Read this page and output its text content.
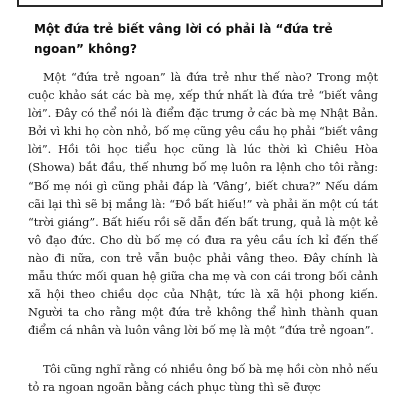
Một đứa trẻ biết vâng lời có phải là “đứa trẻ ngoan” không?

Một “đứa trẻ ngoan” là đứa trẻ như thế nào? Trong một cuộc khảo sát các bà mẹ, xếp thứ nhất là đứa trẻ “biết vâng lời”. Đây có thể nói là điểm đặc trưng ở các bà mẹ Nhật Bản. Bởi vì khi họ còn nhỏ, bố mẹ cũng yêu cầu họ phải “biết vâng lời”. Hồi tôi học tiểu học cũng là lúc thời kì Chiêu Hòa (Showa) bắt đầu, thế nhưng bố mẹ luôn ra lệnh cho tôi rằng: “Bố mẹ nói gì cũng phải đáp là ‘Vâng’, biết chưa?” Nếu dám cãi lại thì sẽ bị mắng là: “Đồ bất hiếu!” và phải ăn một cú tát “trời giáng”. Bất hiếu rồi sẽ dẫn đến bất trung, quả là một kẻ vô đạo đức. Cho dù bố mẹ có đưa ra yêu cầu ích kỉ đến thế nào đi nữa, con trẻ vẫn buộc phải vâng theo. Đây chính là mẫu thức mối quan hệ giữa cha mẹ và con cái trong bối cảnh xã hội theo chiều dọc của Nhật, tức là xã hội phong kiến. Người ta cho rằng một đứa trẻ không thể hình thành quan điểm cá nhân và luôn vâng lời bố mẹ là một “đứa trẻ ngoan”.

Tôi cũng nghĩ rằng có nhiều ông bố bà mẹ hồi còn nhỏ nếu tỏ ra ngoan ngoãn bằng cách phục tùng thì sẽ được
